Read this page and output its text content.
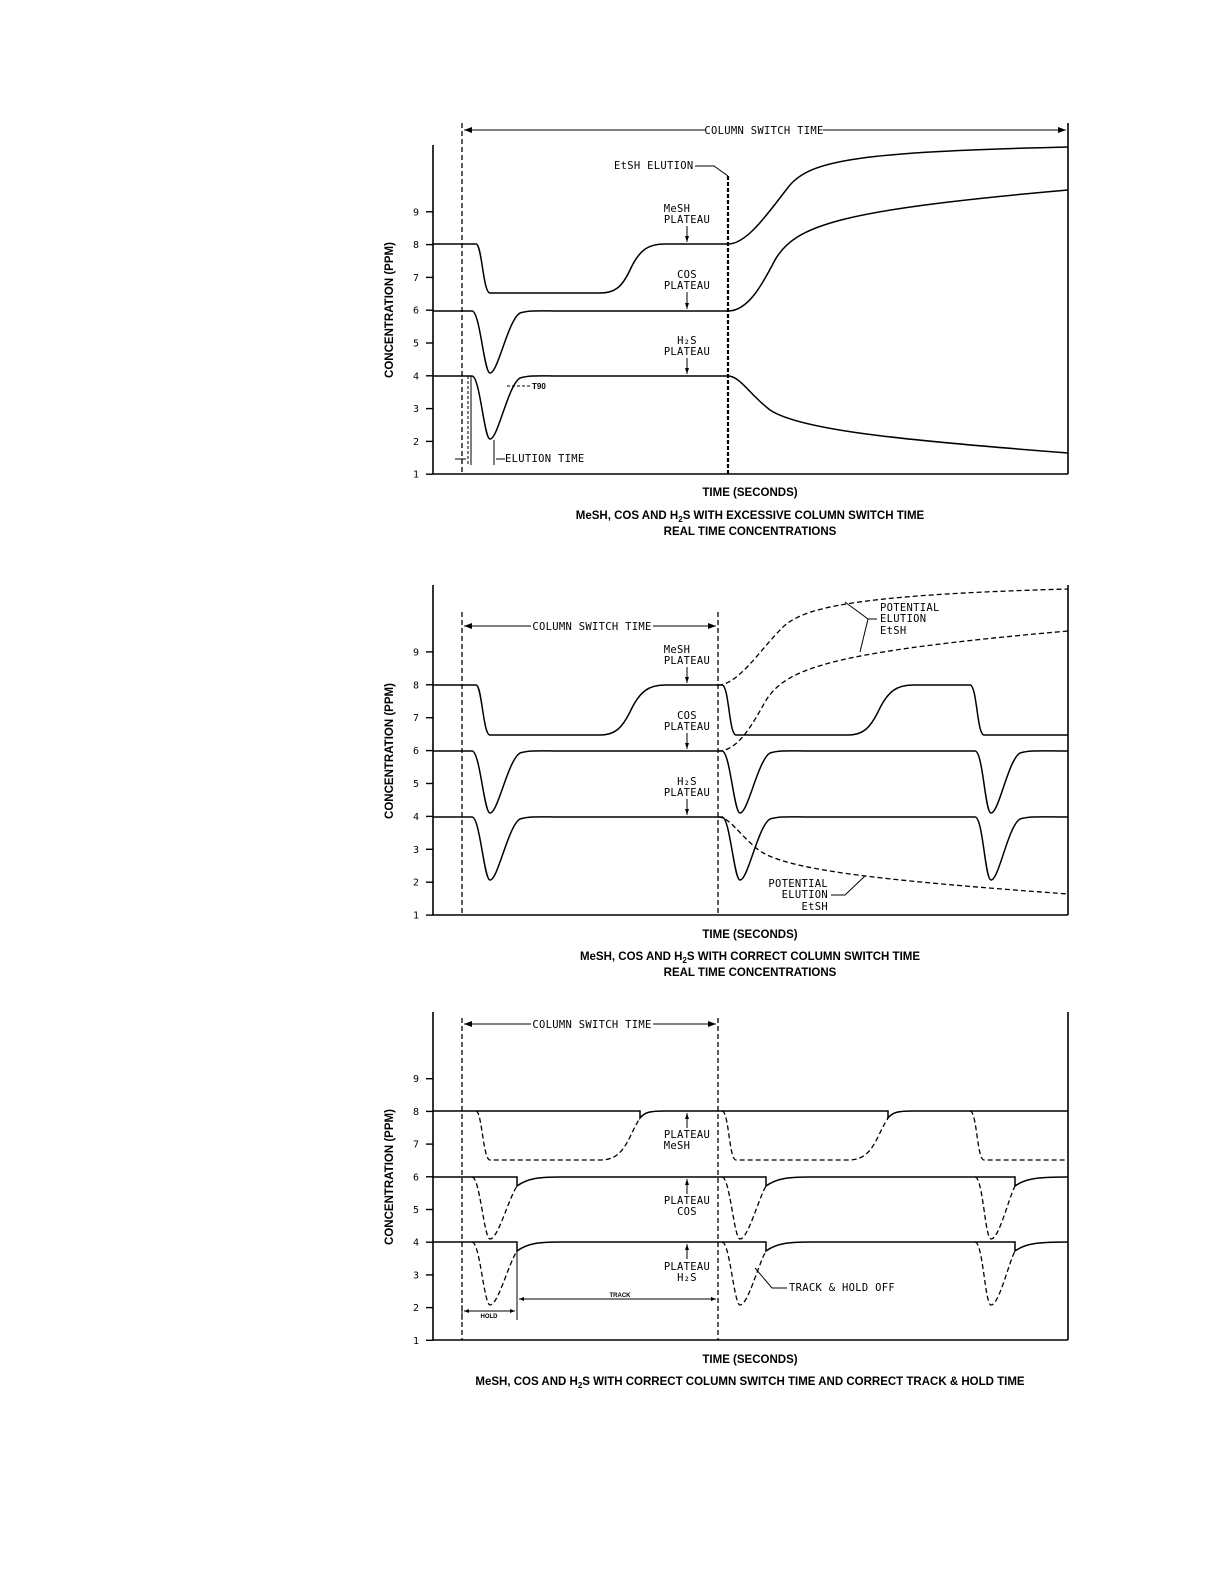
1
2
3
4
5
6
7
8
9
COLUMN SWITCH TIME
EtSH ELUTION
MeSH
PLATEAU
COS
PLATEAU
H₂S
PLATEAU
T90
ELUTION TIME
CONCENTRATION (PPM)
TIME (SECONDS)
MeSH, COS AND $H_2S$ WITH EXCESSIVE COLUMN SWITCH TIME
REAL TIME CONCENTRATIONS
1
2
3
4
5
6
7
8
9
COLUMN SWITCH TIME
MeSH
PLATEAU
COS
PLATEAU
H₂S
PLATEAU
POTENTIAL
ELUTION
EtSH
POTENTIAL
ELUTION
EtSH
CONCENTRATION (PPM)
TIME (SECONDS)
MeSH, COS AND $H_2S$ WITH CORRECT COLUMN SWITCH TIME
REAL TIME CONCENTRATIONS
1
2
3
4
5
6
7
8
9
COLUMN SWITCH TIME
PLATEAU
MeSH
PLATEAU
COS
PLATEAU
H₂S
TRACK & HOLD OFF
HOLD
TRACK
CONCENTRATION (PPM)
TIME (SECONDS)
MeSH, COS AND $H_2S$ WITH CORRECT COLUMN SWITCH TIME AND CORRECT TRACK & HOLD TIME
